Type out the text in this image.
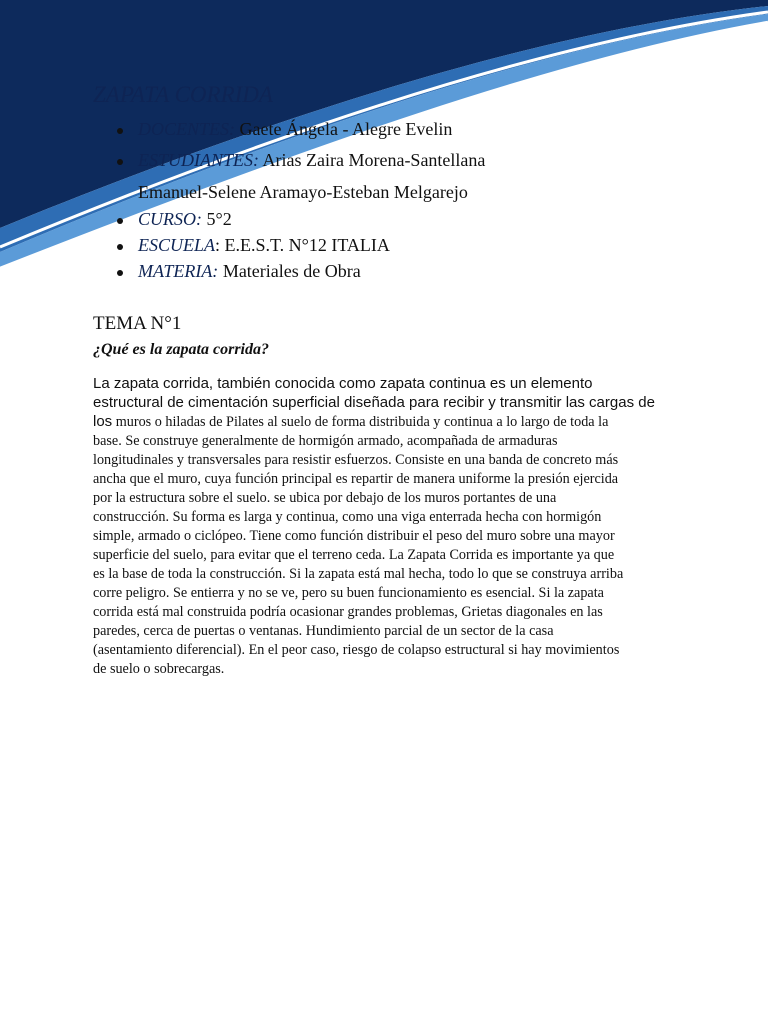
ZAPATA CORRIDA
DOCENTES: Gaete Ángela - Alegre Evelin
ESTUDIANTES: Arias Zaira Morena-Santellana
Emanuel-Selene Aramayo-Esteban Melgarejo
CURSO: 5°2
ESCUELA: E.E.S.T. N°12 ITALIA
MATERIA: Materiales de Obra
TEMA N°1
¿Qué es la zapata corrida?
La zapata corrida, también conocida como zapata continua es un elemento
estructural de cimentación superficial diseñada para recibir y transmitir las cargas de
los muros o hiladas de Pilates al suelo de forma distribuida y continua a lo largo de toda la
base. Se construye generalmente de hormigón armado, acompañada de armaduras
longitudinales y transversales para resistir esfuerzos. Consiste en una banda de concreto más
ancha que el muro, cuya función principal es repartir de manera uniforme la presión ejercida
por la estructura sobre el suelo. se ubica por debajo de los muros portantes de una
construcción. Su forma es larga y continua, como una viga enterrada hecha con hormigón
simple, armado o ciclópeo. Tiene como función distribuir el peso del muro sobre una mayor
superficie del suelo, para evitar que el terreno ceda. La Zapata Corrida es importante ya que
es la base de toda la construcción. Si la zapata está mal hecha, todo lo que se construya arriba
corre peligro. Se entierra y no se ve, pero su buen funcionamiento es esencial. Si la zapata
corrida está mal construida podría ocasionar grandes problemas, Grietas diagonales en las
paredes, cerca de puertas o ventanas. Hundimiento parcial de un sector de la casa
(asentamiento diferencial). En el peor caso, riesgo de colapso estructural si hay movimientos
de suelo o sobrecargas.
